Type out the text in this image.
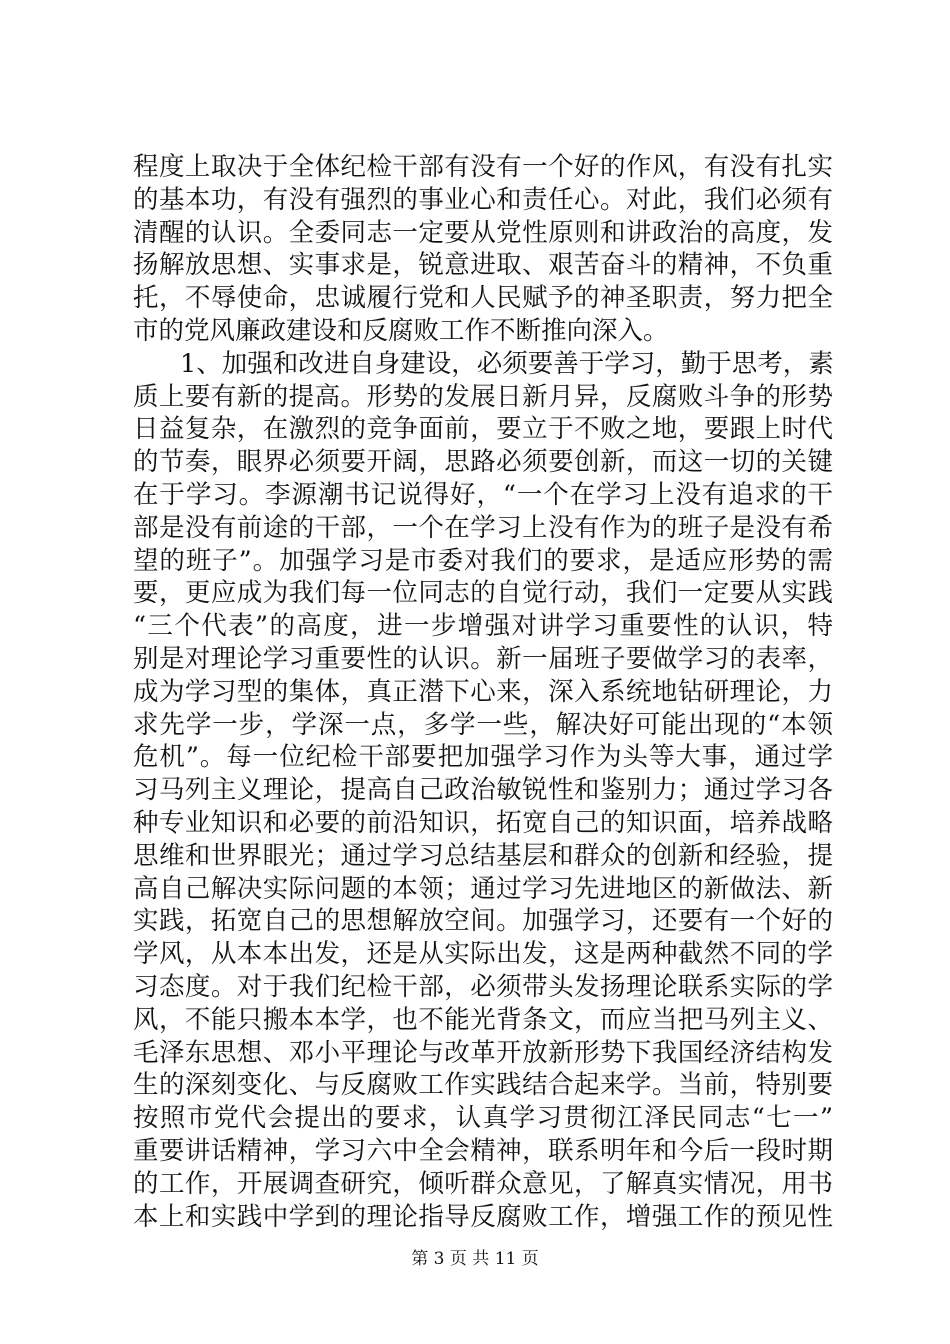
程度上取决于全体纪检干部有没有一个好的作风，有没有扎实
的基本功，有没有强烈的事业心和责任心。对此，我们必须有
清醒的认识。全委同志一定要从党性原则和讲政治的高度，发
扬解放思想、实事求是，锐意进取、艰苦奋斗的精神，不负重
托，不辱使命，忠诚履行党和人民赋予的神圣职责，努力把全
市的党风廉政建设和反腐败工作不断推向深入。
1、加强和改进自身建设，必须要善于学习，勤于思考，素
质上要有新的提高。形势的发展日新月异，反腐败斗争的形势
日益复杂，在激烈的竞争面前，要立于不败之地，要跟上时代
的节奏，眼界必须要开阔，思路必须要创新，而这一切的关键
在于学习。李源潮书记说得好，“一个在学习上没有追求的干
部是没有前途的干部，一个在学习上没有作为的班子是没有希
望的班子”。加强学习是市委对我们的要求，是适应形势的需
要，更应成为我们每一位同志的自觉行动，我们一定要从实践
“三个代表”的高度，进一步增强对讲学习重要性的认识，特
别是对理论学习重要性的认识。新一届班子要做学习的表率，
成为学习型的集体，真正潜下心来，深入系统地钻研理论，力
求先学一步，学深一点，多学一些，解决好可能出现的“本领
危机”。每一位纪检干部要把加强学习作为头等大事，通过学
习马列主义理论，提高自己政治敏锐性和鉴别力；通过学习各
种专业知识和必要的前沿知识，拓宽自己的知识面，培养战略
思维和世界眼光；通过学习总结基层和群众的创新和经验，提
高自己解决实际问题的本领；通过学习先进地区的新做法、新
实践，拓宽自己的思想解放空间。加强学习，还要有一个好的
学风，从本本出发，还是从实际出发，这是两种截然不同的学
习态度。对于我们纪检干部，必须带头发扬理论联系实际的学
风，不能只搬本本学，也不能光背条文，而应当把马列主义、
毛泽东思想、邓小平理论与改革开放新形势下我国经济结构发
生的深刻变化、与反腐败工作实践结合起来学。当前，特别要
按照市党代会提出的要求，认真学习贯彻江泽民同志“七一”
重要讲话精神，学习六中全会精神，联系明年和今后一段时期
的工作，开展调查研究，倾听群众意见，了解真实情况，用书
本上和实践中学到的理论指导反腐败工作，增强工作的预见性
第 3 页 共 11 页
